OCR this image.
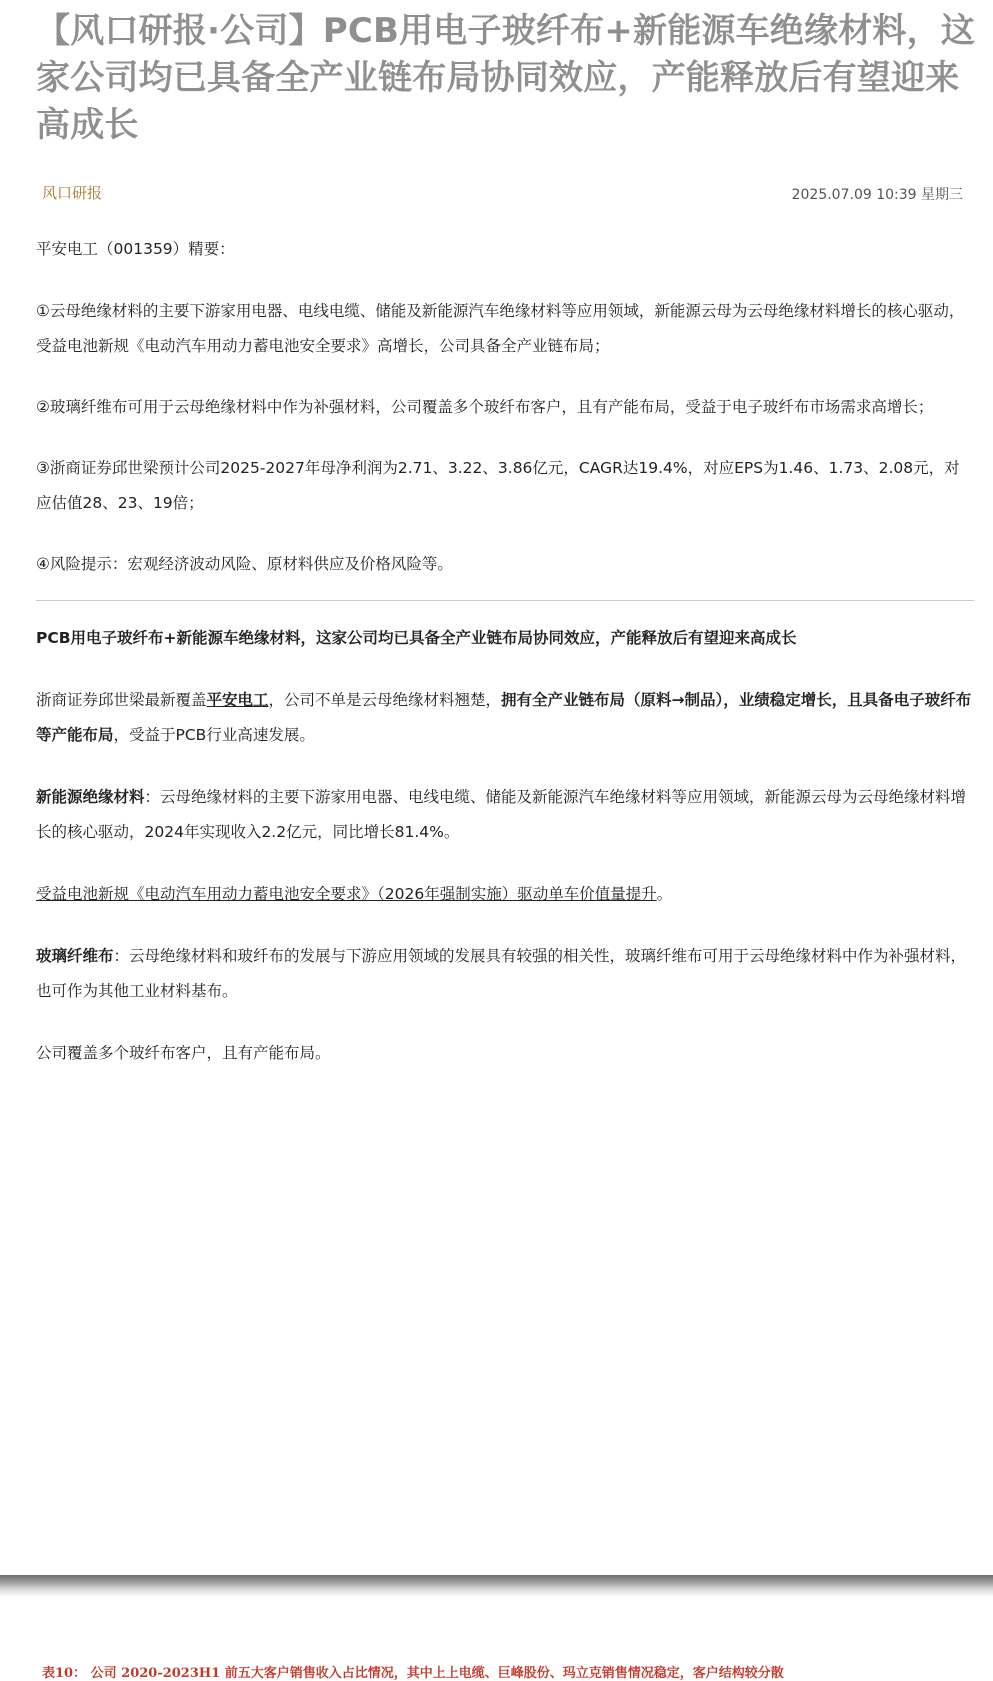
【风口研报·公司】PCB用电子玻纤布+新能源车绝缘材料，这家公司均已具备全产业链布局协同效应，产能释放后有望迎来高成长
风口研报	2025.07.09 10:39 星期三

平安电工（001359）精要：

①云母绝缘材料的主要下游家用电器、电线电缆、储能及新能源汽车绝缘材料等应用领域，新能源云母为云母绝缘材料增长的核心驱动，受益电池新规《电动汽车用动力蓄电池安全要求》高增长，公司具备全产业链布局；

②玻璃纤维布可用于云母绝缘材料中作为补强材料，公司覆盖多个玻纤布客户，且有产能布局，受益于电子玻纤布市场需求高增长；

③浙商证券邱世梁预计公司2025-2027年母净利润为2.71、3.22、3.86亿元，CAGR达19.4%，对应EPS为1.46、1.73、2.08元，对应估值28、23、19倍；

④风险提示：宏观经济波动风险、原材料供应及价格风险等。

PCB用电子玻纤布+新能源车绝缘材料，这家公司均已具备全产业链布局协同效应，产能释放后有望迎来高成长

浙商证券邱世梁最新覆盖平安电工，公司不单是云母绝缘材料翘楚，拥有全产业链布局（原料→制品），业绩稳定增长，且具备电子玻纤布等产能布局，受益于PCB行业高速发展。

新能源绝缘材料：云母绝缘材料的主要下游家用电器、电线电缆、储能及新能源汽车绝缘材料等应用领域，新能源云母为云母绝缘材料增长的核心驱动，2024年实现收入2.2亿元，同比增长81.4%。

受益电池新规《电动汽车用动力蓄电池安全要求》（2026年强制实施）驱动单车价值量提升。

玻璃纤维布：云母绝缘材料和玻纤布的发展与下游应用领域的发展具有较强的相关性，玻璃纤维布可用于云母绝缘材料中作为补强材料，也可作为其他工业材料基布。

公司覆盖多个玻纤布客户，且有产能布局。

表10： 公司 2020-2023H1 前五大客户销售收入占比情况，其中上上电缆、巨峰股份、玛立克销售情况稳定，客户结构较分散
